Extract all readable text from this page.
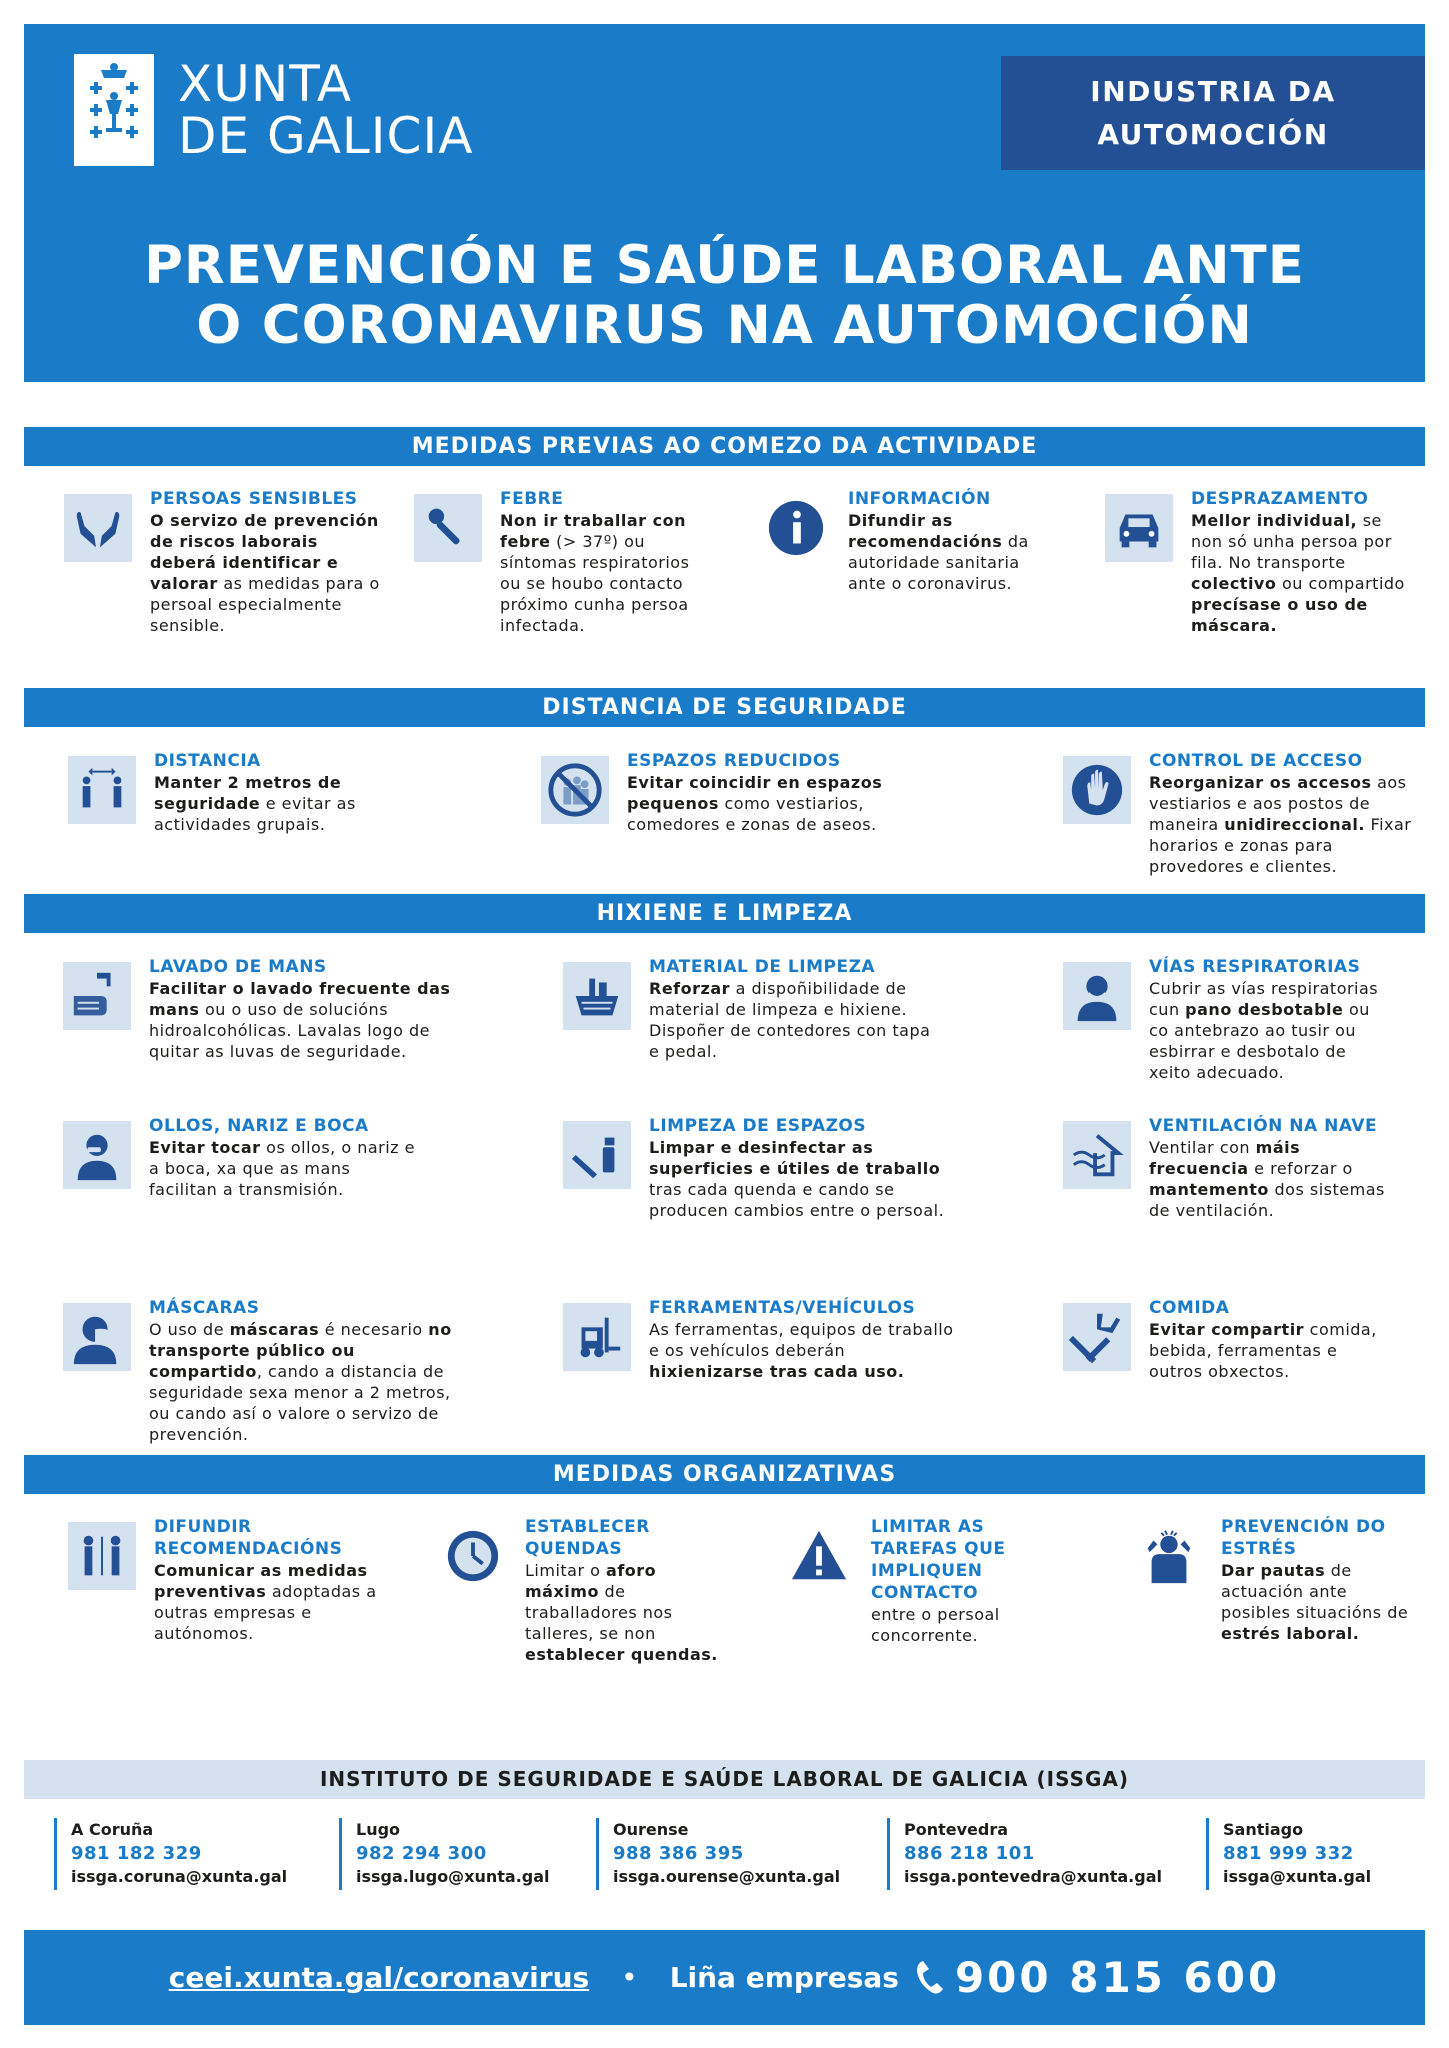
XUNTA
DE GALICIA
INDUSTRIA DA
AUTOMOCIÓN
PREVENCIÓN E SAÚDE LABORAL ANTE
O CORONAVIRUS NA AUTOMOCIÓN
MEDIDAS PREVIAS AO COMEZO DA ACTIVIDADE
PERSOAS SENSIBLES
O servizo de prevención de riscos laborais deberá identificar e valorar as medidas para o persoal especialmente sensible.
FEBRE
Non ir traballar con febre (> 37º) ou síntomas respiratorios ou se houbo contacto próximo cunha persoa infectada.
INFORMACIÓN
Difundir as recomendacións da autoridade sanitaria ante o coronavirus.
DESPRAZAMENTO
Mellor individual, se non só unha persoa por fila. No transporte colectivo ou compartido precísase o uso de máscara.
DISTANCIA DE SEGURIDADE
DISTANCIA
Manter 2 metros de seguridade e evitar as actividades grupais.
ESPAZOS REDUCIDOS
Evitar coincidir en espazos pequenos como vestiarios, comedores e zonas de aseos.
CONTROL DE ACCESO
Reorganizar os accesos aos vestiarios e aos postos de maneira unidireccional. Fixar horarios e zonas para provedores e clientes.
HIXIENE E LIMPEZA
LAVADO DE MANS
Facilitar o lavado frecuente das mans ou o uso de solucións hidroalcohólicas. Lavalas logo de quitar as luvas de seguridade.
MATERIAL DE LIMPEZA
Reforzar a dispoñibilidade de material de limpeza e hixiene. Dispoñer de contedores con tapa e pedal.
VÍAS RESPIRATORIAS
Cubrir as vías respiratorias cun pano desbotable ou co antebrazo ao tusir ou esbirrar e desbotalo de xeito adecuado.
OLLOS, NARIZ E BOCA
Evitar tocar os ollos, o nariz e a boca, xa que as mans facilitan a transmisión.
LIMPEZA DE ESPAZOS
Limpar e desinfectar as superficies e útiles de traballo tras cada quenda e cando se producen cambios entre o persoal.
VENTILACIÓN NA NAVE
Ventilar con máis frecuencia e reforzar o mantemento dos sistemas de ventilación.
MÁSCARAS
O uso de máscaras é necesario no transporte público ou compartido, cando a distancia de seguridade sexa menor a 2 metros, ou cando así o valore o servizo de prevención.
FERRAMENTAS/VEHÍCULOS
As ferramentas, equipos de traballo e os vehículos deberán hixienizarse tras cada uso.
COMIDA
Evitar compartir comida, bebida, ferramentas e outros obxectos.
MEDIDAS ORGANIZATIVAS
DIFUNDIR RECOMENDACIÓNS
Comunicar as medidas preventivas adoptadas a outras empresas e autónomos.
ESTABLECER QUENDAS
Limitar o aforo máximo de traballadores nos talleres, se non establecer quendas.
LIMITAR AS TAREFAS QUE IMPLIQUEN CONTACTO
entre o persoal concorrente.
PREVENCIÓN DO ESTRÉS
Dar pautas de actuación ante posibles situacións de estrés laboral.
INSTITUTO DE SEGURIDADE E SAÚDE LABORAL DE GALICIA (ISSGA)
A Coruña
981 182 329
issga.coruna@xunta.gal
Lugo
982 294 300
issga.lugo@xunta.gal
Ourense
988 386 395
issga.ourense@xunta.gal
Pontevedra
886 218 101
issga.pontevedra@xunta.gal
Santiago
881 999 332
issga@xunta.gal
ceei.xunta.gal/coronavirus • Liña empresas 900 815 600
